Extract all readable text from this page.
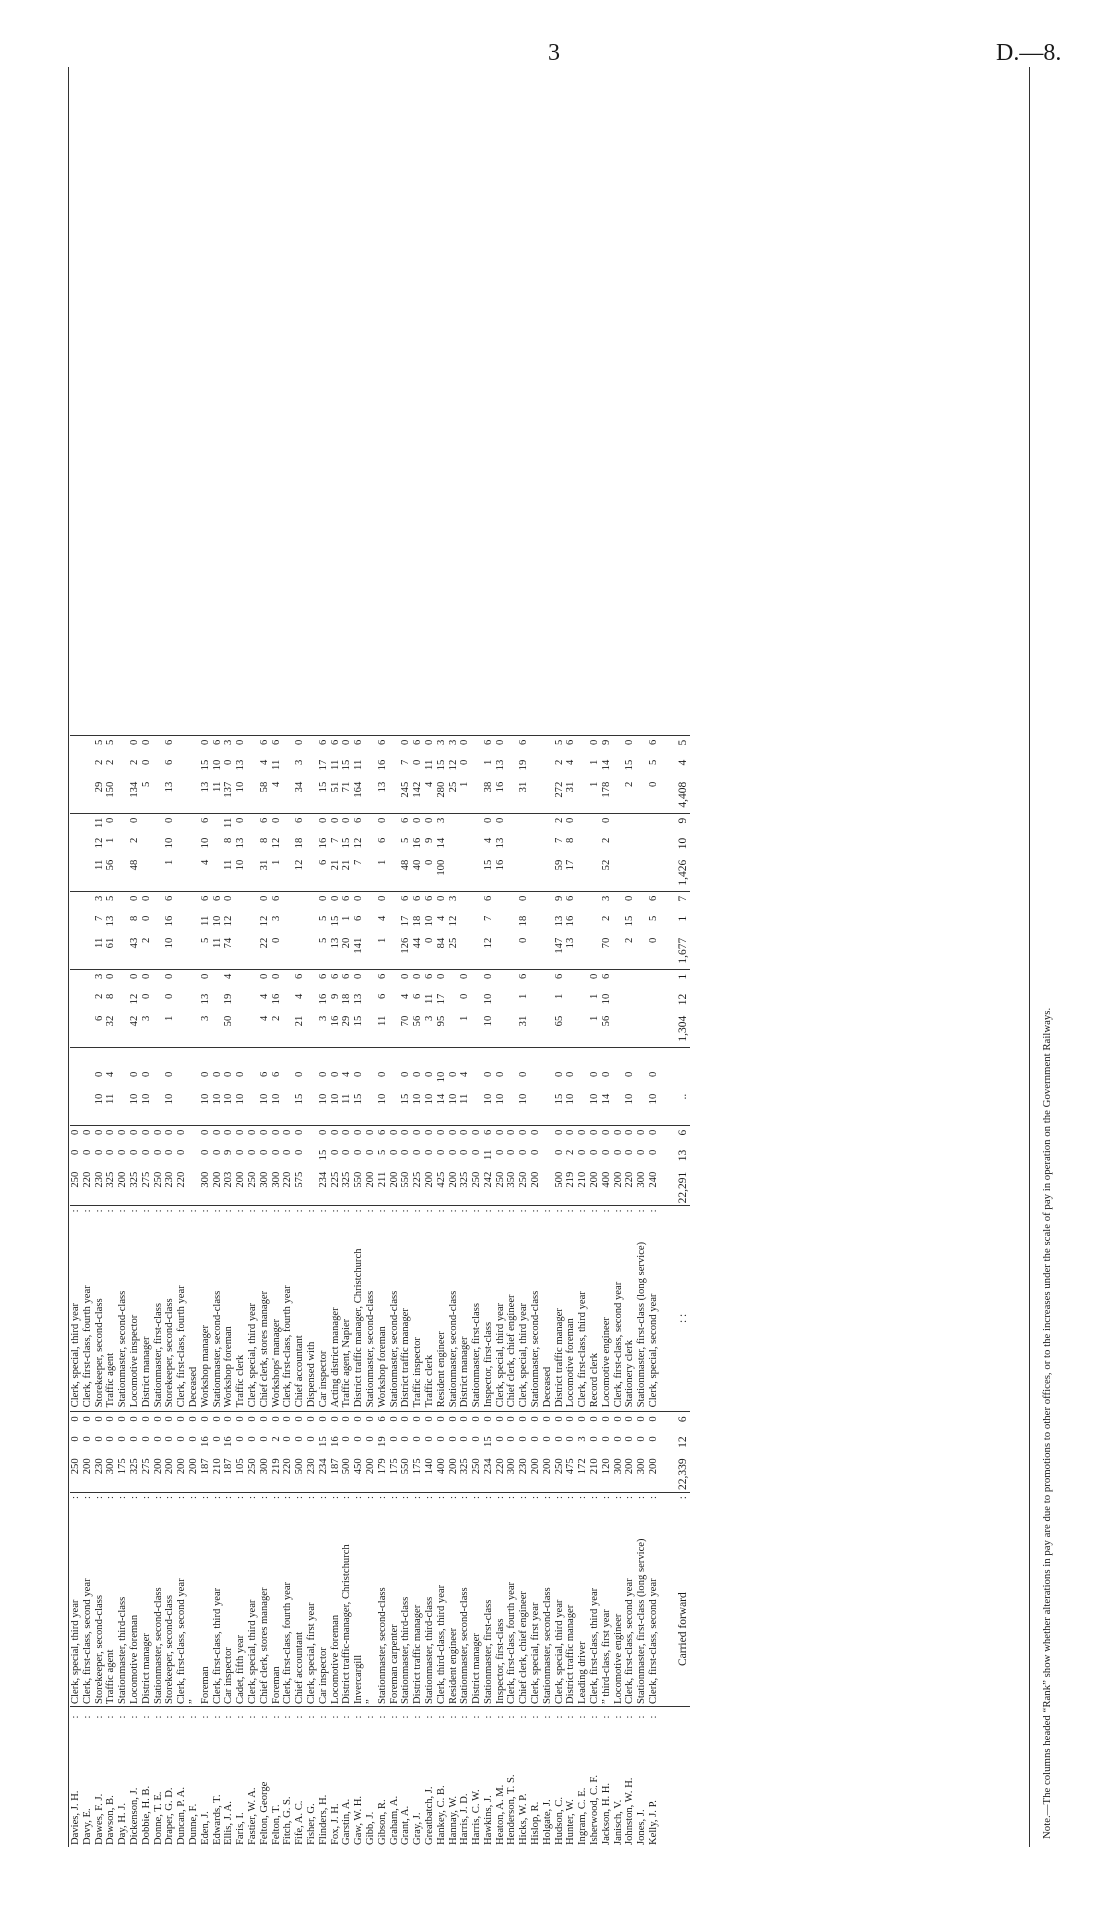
3	D.—8.
Davies, J. H.	:	Clerk, special, third year	:	250	0	0	Clerk, special, third year	:	250	0	0															
Davy, E.	:	Clerk, first-class, second year	:	200	0	0	Clerk, first-class, fourth year	:	220	0	0															
Dawes, F. J.	:	Storekeeper, second-class	:	230	0	0	Storekeeper, second-class	:	230	0	0	10	0		6	2	3	11	7	3	11	12	11	29	2	5
Dawson, B.	:	Traffic agent	:	300	0	0	Traffic agent	:	325	0	0	11	4		32	8	0	61	13	5	56	1	0	150	2	5
Day, H. J.	:	Stationmaster, third-class	:	175	0	0	Stationmaster, second-class	:	200	0	0															
Dickenson, J.	:	Locomotive foreman	:	325	0	0	Locomotive inspector	:	325	0	0	10	0		42	12	0	43	8	0	48	2	0	134	2	0
Dobbie, H. B.	:	District manager	:	275	0	0	District manager	:	275	0	0	10	0		3	0	0	2	0	0				5	0	0
Donne, T. E.	:	Stationmaster, second-class	:	200	0	0	Stationmaster, first-class	:	250	0	0															
Draper, G. D.	:	Storekeeper, second-class	:	200	0	0	Storekeeper, second-class	:	230	0	0	10	0		1	0	0	10	16	6	1	10	0	13	6	6
Duncan, P. A.	:	Clerk, first-class, second year	:	200	0	0	Clerk, first-class, fourth year	:	220	0	0															
Dunne, F.	:	”	:	200	0	0	Deceased	:																		
Eden, J.	:	Foreman	:	187	16	0	Workshop manager	:	300	0	0	10	0		3	13	0	5	11	6	4	10	6	13	15	0
Edwards, T.	:	Clerk, first-class, third year	:	210	0	0	Stationmaster, second-class	:	200	0	0	10	0					11	10	6				11	10	6
Ellis, J. A.	:	Car inspector	:	187	16	0	Workshop foreman	:	203	9	0	10	0		50	19	4	74	12	0	11	8	11	137	0	3
Faris, I.	:	Cadet, fifth year	:	105	0	0	Traffic clerk	:	200	0	0	10	0								10	13	0	10	13	0
Fastier, W. A.	:	Clerk, special, third year	:	250	0	0	Clerk, special, third year	:	250	0	0															
Felton, George	:	Chief clerk, stores manager	:	300	0	0	Chief clerk, stores manager	:	300	0	0	10	6		4	4	0	22	12	0	31	8	6	58	4	6
Felton, T.	:	Foreman	:	219	2	0	Workshops' manager	:	300	0	0	10	6		2	16	0	0	3	6	1	12	0	4	11	6
Fitch, G. S.	:	Clerk, first-class, fourth year	:	220	0	0	Clerk, first-class, fourth year	:	220	0	0															
Fife, A. C.	:	Chief accountant	:	500	0	0	Chief accountant	:	575	0	0	15	0		21	4	6				12	18	6	34	3	0
Fisher, G.	:	Clerk, special, first year	:	230	0	0	Dispensed with	:																		
Flinders, H.	:	Car inspector	:	234	15	0	Car inspector	:	234	15	0	10	0		3	16	6	5	5	0	6	16	0	15	17	6
Fox, J. H.	:	Locomotive foreman	:	187	16	0	Acting district manager	:	225	0	0	10	0		16	9	6	13	15	0	21	7	0	51	11	6
Garstin, A.	:	District traffic-manager, Christchurch	:	500	0	0	Traffic agent, Napier	:	325	0	0	11	4		29	18	6	20	1	6	21	15	0	71	15	0
Gaw, W. H.	:	Invercargill	:	450	0	0	District traffic manager, Christchurch	:	550	0	0	15	0		15	13	0	141	6	0	7	12	6	164	11	6
Gibb, J.	:	”	:	200	0	0	Stationmaster, second-class	:	200	0	0															
Gibson, R.	:	Stationmaster, second-class	:	179	19	6	Workshop foreman	:	211	5	6	10	0		11	6	6	1	4	0	1	6	0	13	16	6
Graham, A.	:	Foreman carpenter	:	175	0	0	Stationmaster, second-class	:	200	0	0															
Grant, A.	:	Stationmaster, third-class	:	550	0	0	District traffic manager	:	550	0	0	15	0		70	4	0	126	17	6	48	5	6	245	7	0
Gray, J.	:	District traffic manager	:	175	0	0	Traffic inspector	:	225	0	0	10	0		56	6	0	44	18	6	40	16	0	142	0	6
Greatbatch, J.	:	Stationmaster, third-class	:	140	0	0	Traffic clerk	:	200	0	0	10	0		3	11	6	0	10	6	0	9	0	4	11	0
Hankey, C. B.	:	Clerk, third-class, third year	:	400	0	0	Resident engineer	:	425	0	0	14	10		95	17	0	84	4	0	100	14	3	280	15	3
Hannay, W.	:	Resident engineer	:	200	0	0	Stationmaster, second-class	:	200	0	0	10	0					25	12	3				25	12	3
Harris, J. D.	:	Stationmaster, second-class	:	325	0	0	District manager	:	325	0	0	11	4		1	0	0							1	0	0
Harris, C. W.	:	District manager	:	250	0	0	Stationmaster, first-class	:	250	0	0															
Hawkins, J.	:	Stationmaster, first-class	:	234	15	0	Inspector, first-class	:	242	11	6	10	0		10	10	0	12	7	6	15	4	0	38	1	6
Heaton, A. M.	:	Inspector, first-class	:	220	0	0	Clerk, special, third year	:	250	0	0	10	0								16	13	0	16	13	0
Henderson, T. S.	:	Clerk, first-class, fourth year	:	300	0	0	Chief clerk, chief engineer	:	350	0	0															
Hicks, W. P.	:	Chief clerk, chief engineer	:	230	0	0	Clerk, special, third year	:	250	0	0	10	0		31	1	6	0	18	0				31	19	6
Hislop, R.	:	Clerk, special, first year	:	200	0	0	Stationmaster, second-class	:	200	0	0															
Holgate, J.	:	Stationmaster, second-class	:	200	0	0	Deceased	:																		
Hudson, C.	:	Clerk, special, third year	:	250	0	0	District traffic manager	:	500	0	0	15	0		65	1	6	147	13	9	59	7	2	272	2	5
Hunter, W.	:	District traffic manager	:	475	0	0	Locomotive foreman	:	219	2	0	10	0					13	16	6	17	8	0	31	4	6
Ingram, C. E.	:	Leading driver	:	172	3	0	Clerk, first-class, third year	:	210	0	0															
Isherwood, C. F.	:	Clerk, first-class, third year	:	210	0	0	Record clerk	:	200	0	0	10	0		1	1	0							1	1	0
Jackson, H. H.	:	” third-class, first year	:	120	0	0	Locomotive engineer	:	400	0	0	14	0		56	10	6	70	2	3	52	2	0	178	14	9
Janisch, V.	:	Locomotive engineer	:	300	0	0	Clerk, first-class, second year	:	200	0	0															
Johnston, W. H.	:	Clerk, first-class, second year	:	200	0	0	Stationery clerk	:	220	0	0	10	0					2	15	0				2	15	0
Jones, J.	:	Stationmaster, first-class (long service)	:	300	0	0	Stationmaster, first-class (long service)	:	300	0	0															
Kelly, J. P.	:	Clerk, first-class, second year	:	200	0	0	Clerk, special, second year	:	240	0	0	10	0					0	5	6				0	5	6
		Carried forward	:	22,339	12	6	: :		22,291	13	6	..			1,304	12	1	1,677	1	7	1,426	10	9	4,408	4	5
Note.—The columns headed “Rank” show whether alterations in pay are due to promotions to other offices, or to the increases under the scale of pay in operation on the Government Railways.
